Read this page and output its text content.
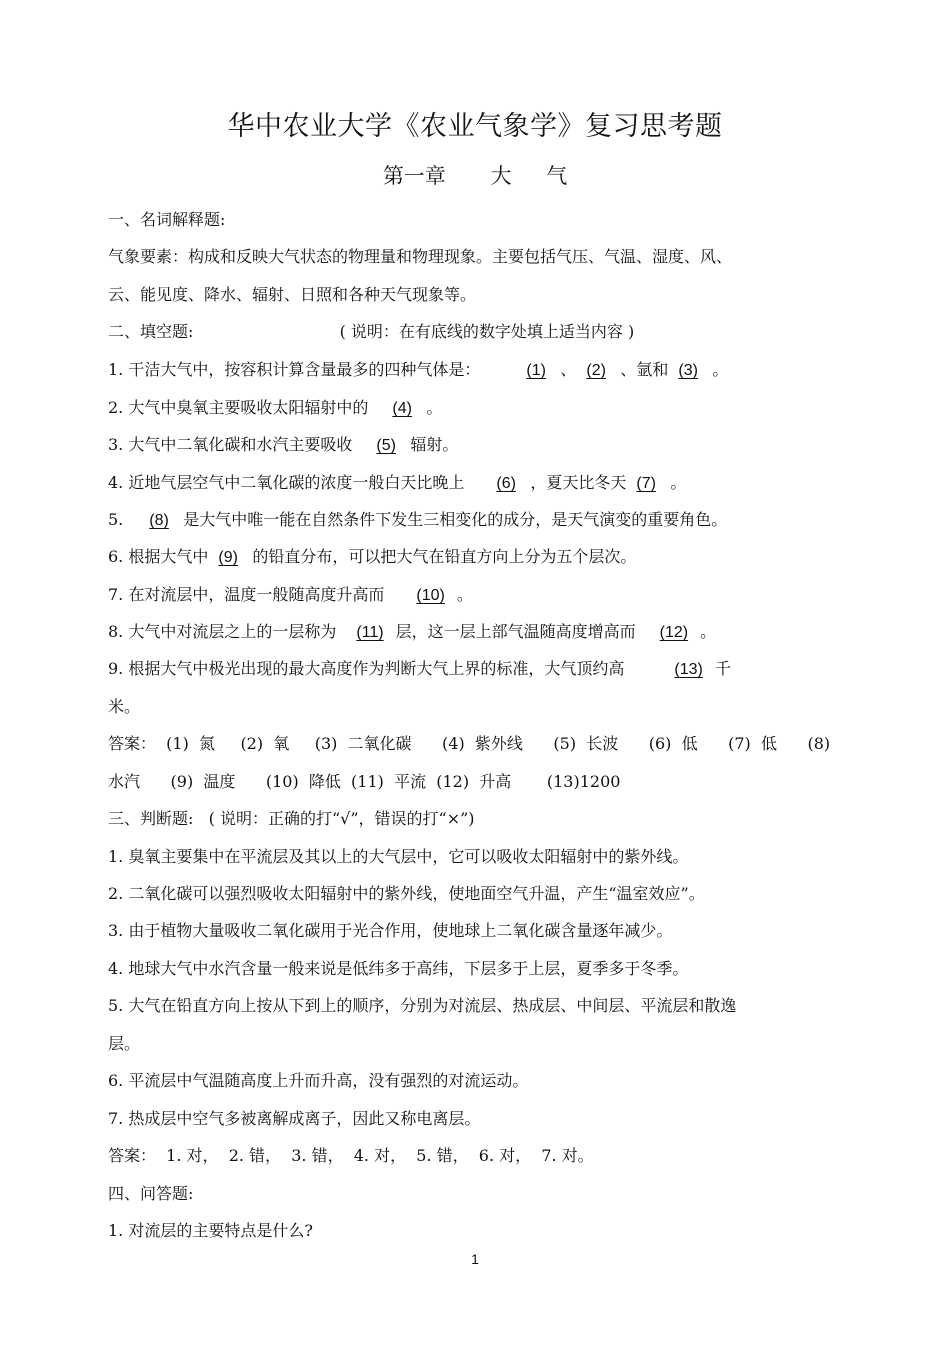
华中农业大学《农业气象学》复习思考题
第一章 大 气
一、名词解释题:
气象要素：构成和反映大气状态的物理量和物理现象。主要包括气压、气温、湿度、风、
云、能见度、降水、辐射、日照和各种天气现象等。
二、填空题:	( 说明：在有底线的数字处填上适当内容 )
1. 干洁大气中，按容积计算含量最多的四种气体是：	(1) 、 (2) 、氩和 (3) 。
2. 大气中臭氧主要吸收太阳辐射中的 (4) 。
3. 大气中二氧化碳和水汽主要吸收 (5) 辐射。
4. 近地气层空气中二氧化碳的浓度一般白天比晚上 (6) ，夏天比冬天 (7) 。
5. (8) 是大气中唯一能在自然条件下发生三相变化的成分，是天气演变的重要角色。
6. 根据大气中 (9) 的铅直分布，可以把大气在铅直方向上分为五个层次。
7. 在对流层中，温度一般随高度升高而 (10) 。
8. 大气中对流层之上的一层称为 (11) 层，这一层上部气温随高度增高而 (12) 。
9. 根据大气中极光出现的最大高度作为判断大气上界的标准，大气顶约高	(13) 千
米。
答案：  (1)  氮     (2)  氧     (3)  二氧化碳      (4)  紫外线      (5)  长波      (6)  低      (7)  低      (8)
水汽      (9)  温度      (10)  降低  (11)  平流  (12)  升高       (13)1200
三、判断题:   ( 说明：正确的打“√”，错误的打“×”)
1. 臭氧主要集中在平流层及其以上的大气层中，它可以吸收太阳辐射中的紫外线。
2. 二氧化碳可以强烈吸收太阳辐射中的紫外线，使地面空气升温，产生“温室效应”。
3. 由于植物大量吸收二氧化碳用于光合作用，使地球上二氧化碳含量逐年减少。
4. 地球大气中水汽含量一般来说是低纬多于高纬，下层多于上层，夏季多于冬季。
5. 大气在铅直方向上按从下到上的顺序，分别为对流层、热成层、中间层、平流层和散逸
层。
6. 平流层中气温随高度上升而升高，没有强烈的对流运动。
7. 热成层中空气多被离解成离子，因此又称电离层。
答案：  1. 对，  2. 错，  3. 错，  4. 对，  5. 错，  6. 对，  7. 对。
四、问答题:
1. 对流层的主要特点是什么?
1
